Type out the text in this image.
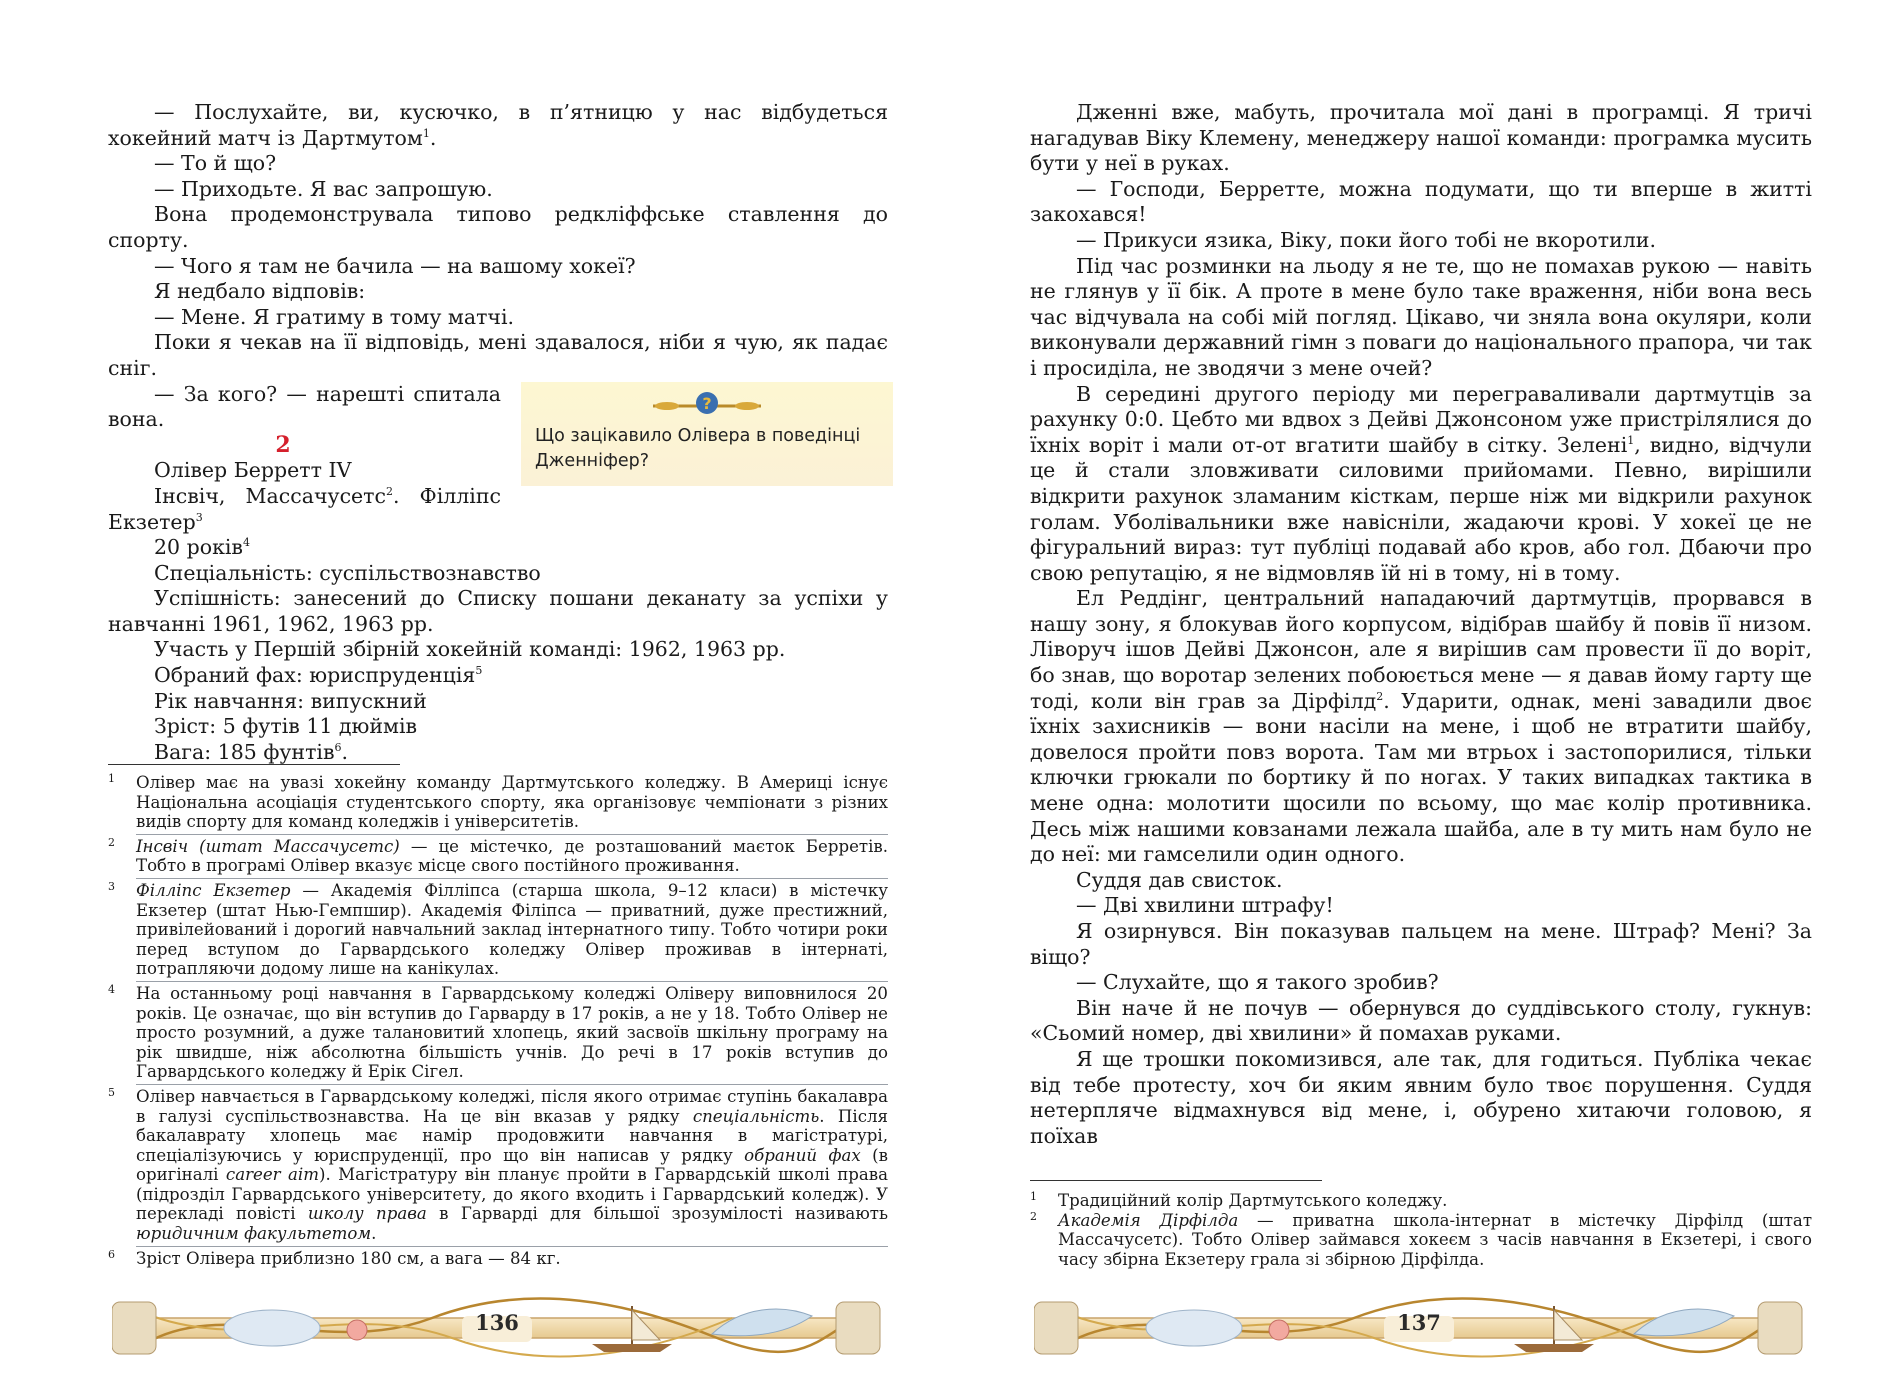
— Послухайте, ви, кусючко, в п’ятницю у нас відбудеться хокейний матч із Дартмутом$^1$.

— То й що?

— Приходьте. Я вас запрошую.

Вона продемонструвала типово редкліффське ставлення до спорту.

— Чого я там не бачила — на вашому хокеї?

Я недбало відповів:

— Мене. Я гратиму в тому матчі.

Поки я чекав на її відповідь, мені здавалося, ніби я чую, як падає сніг.

?
Що зацікавило Олівера в поведінці Дженніфер?

— За кого? — нарешті спитала вона.

2

Олівер Берретт IV

Інсвіч, Массачусетс$^2$. Філліпс Екзетер$^3$

20 років$^4$

Спеціальність: суспільствознавство

Успішність: занесений до Списку пошани деканату за успіхи у навчанні 1961, 1962, 1963 рр.

Участь у Першій збірній хокейній команді: 1962, 1963 рр.

Обраний фах: юриспруденція$^5$

Рік навчання: випускний

Зріст: 5 футів 11 дюймів

Вага: 185 фунтів$^6$.

1 Олівер має на увазі хокейну команду Дартмутського коледжу. В Америці існує Національна асоціація студентського спорту, яка організовує чемпіонати з різних видів спорту для команд коледжів і університетів.
2 Інсвіч (штат Массачусетс) — це містечко, де розташований маєток Берретів. Тобто в програмі Олівер вказує місце свого постійного проживання.
3 Філліпс Екзетер — Академія Філліпса (старша школа, 9–12 класи) в містечку Екзетер (штат Нью-Гемпшир). Академія Філіпса — приватний, дуже престижний, привілейований і дорогий навчальний заклад інтернатного типу. Тобто чотири роки перед вступом до Гарвардського коледжу Олівер проживав в інтернаті, потрапляючи додому лише на канікулах.
4 На останньому році навчання в Гарвардському коледжі Оліверу виповнилося 20 років. Це означає, що він вступив до Гарварду в 17 років, а не у 18. Тобто Олівер не просто розумний, а дуже талановитий хлопець, який засвоїв шкільну програму на рік швидше, ніж абсолютна більшість учнів. До речі в 17 років вступив до Гарвардського коледжу й Ерік Сігел.
5 Олівер навчається в Гарвардському коледжі, після якого отримає ступінь бакалавра в галузі суспільствознавства. На це він вказав у рядку спеціальність. Після бакалаврату хлопець має намір продовжити навчання в магістратурі, спеціалізуючись у юриспруденції, про що він написав у рядку обраний фах (в оригіналі career aim). Магістратуру він планує пройти в Гарвардській школі права (підрозділ Гарвардського університету, до якого входить і Гарвардський коледж). У перекладі повісті школу права в Гарварді для більшої зрозумілості називають юридичним факультетом.
6 Зріст Олівера приблизно 180 см, а вага — 84 кг.
136

Дженні вже, мабуть, прочитала мої дані в програмці. Я тричі нагадував Віку Клемену, менеджеру нашої команди: програмка мусить бути у неї в руках.

— Господи, Берретте, можна подумати, що ти вперше в житті закохався!

— Прикуси язика, Віку, поки його тобі не вкоротили.

Під час розминки на льоду я не те, що не помахав рукою — навіть не глянув у її бік. А проте в мене було таке враження, ніби вона весь час відчувала на собі мій погляд. Цікаво, чи зняла вона окуляри, коли виконували державний гімн з поваги до національного прапора, чи так і просиділа, не зводячи з мене очей?

В середині другого періоду ми переграваливали дартмутців за рахунку 0:0. Цебто ми вдвох з Дейві Джонсоном уже пристрілялися до їхніх воріт і мали от-от вгатити шайбу в сітку. Зелені$^1$, видно, відчули це й стали зловживати силовими прийомами. Певно, вирішили відкрити рахунок зламаним кісткам, перше ніж ми відкрили рахунок голам. Уболівальники вже навісніли, жадаючи крові. У хокеї це не фігуральний вираз: тут публіці подавай або кров, або гол. Дбаючи про свою репутацію, я не відмовляв їй ні в тому, ні в тому.

Ел Реддінг, центральний нападаючий дартмутців, прорвався в нашу зону, я блокував його корпусом, відібрав шайбу й повів її низом. Ліворуч ішов Дейві Джонсон, але я вирішив сам провести її до воріт, бо знав, що воротар зелених побоюється мене — я давав йому гарту ще тоді, коли він грав за Дірфілд$^2$. Ударити, однак, мені завадили двоє їхніх захисників — вони насіли на мене, і щоб не втратити шайбу, довелося пройти повз ворота. Там ми втрьох і застопорилися, тільки ключки грюкали по бортику й по ногах. У таких випадках тактика в мене одна: молотити щосили по всьому, що має колір противника. Десь між нашими ковзанами лежала шайба, але в ту мить нам було не до неї: ми гамселили один одного.

Суддя дав свисток.

— Дві хвилини штрафу!

Я озирнувся. Він показував пальцем на мене. Штраф? Мені? За віщо?

— Слухайте, що я такого зробив?

Він наче й не почув — обернувся до суддівського столу, гукнув: «Сьомий номер, дві хвилини» й помахав руками.

Я ще трошки покомизився, але так, для годиться. Публіка чекає від тебе протесту, хоч би яким явним було твоє порушення. Суддя нетерпляче відмахнувся від мене, і, обурено хитаючи головою, я поїхав

1 Традиційний колір Дартмутського коледжу.
2 Академія Дірфілда — приватна школа-інтернат в містечку Дірфілд (штат Массачусетс). Тобто Олівер займався хокеєм з часів навчання в Екзетері, і свого часу збірна Екзетеру грала зі збірною Дірфілда.
137
